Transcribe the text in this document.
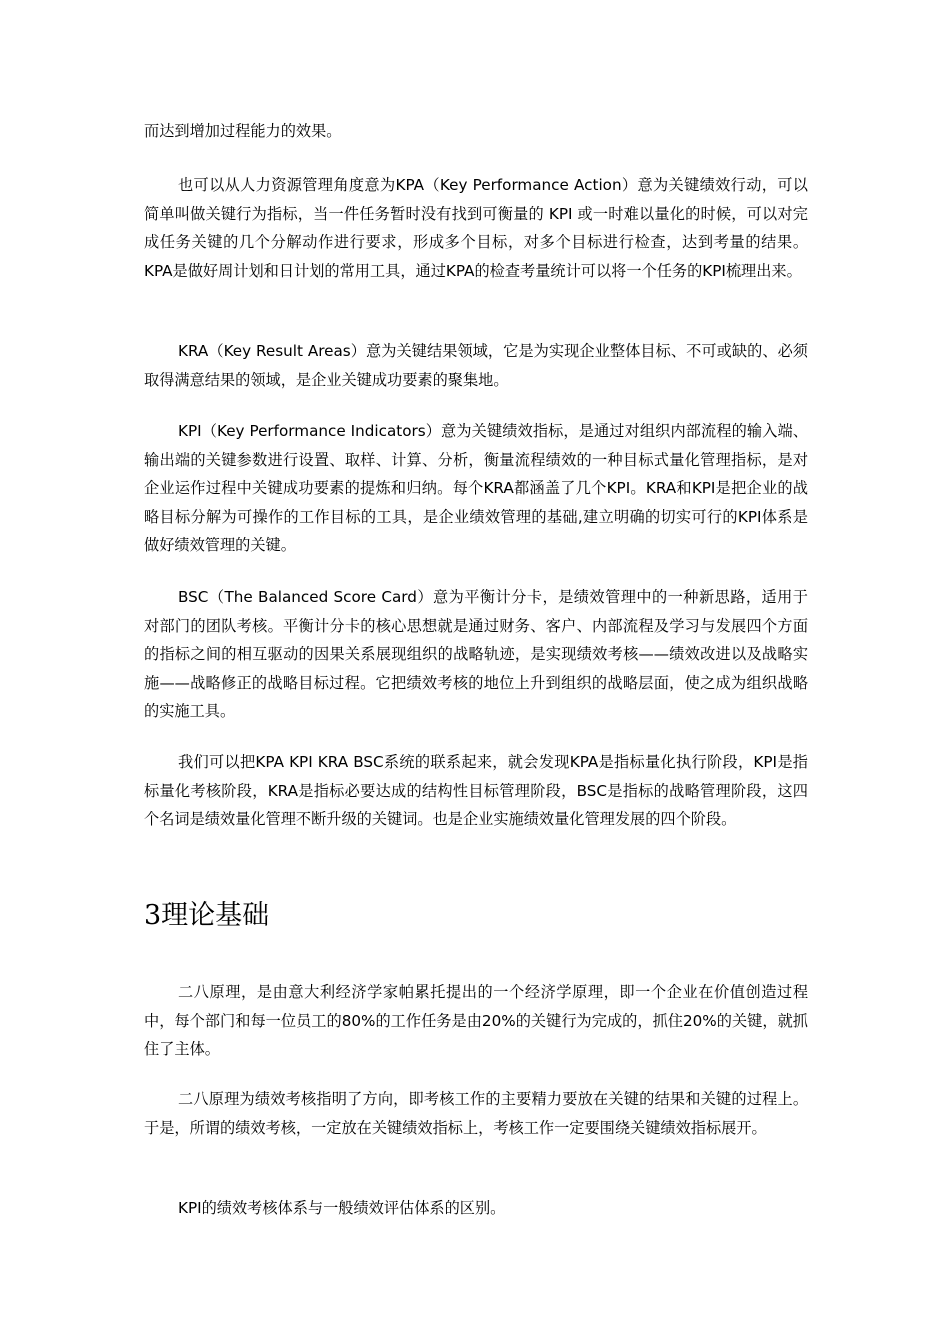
而达到增加过程能力的效果。

也可以从人力资源管理角度意为KPA（Key Performance Action）意为关键绩效行动，可以简单叫做关键行为指标，当一件任务暂时没有找到可衡量的 KPI 或一时难以量化的时候，可以对完成任务关键的几个分解动作进行要求，形成多个目标，对多个目标进行检查，达到考量的结果。KPA是做好周计划和日计划的常用工具，通过KPA的检查考量统计可以将一个任务的KPI梳理出来。

KRA（Key Result Areas）意为关键结果领域，它是为实现企业整体目标、不可或缺的、必须取得满意结果的领域，是企业关键成功要素的聚集地。

KPI（Key Performance Indicators）意为关键绩效指标，是通过对组织内部流程的输入端、输出端的关键参数进行设置、取样、计算、分析，衡量流程绩效的一种目标式量化管理指标，是对企业运作过程中关键成功要素的提炼和归纳。每个KRA都涵盖了几个KPI。KRA和KPI是把企业的战略目标分解为可操作的工作目标的工具，是企业绩效管理的基础,建立明确的切实可行的KPI体系是做好绩效管理的关键。

BSC（The Balanced Score Card）意为平衡计分卡，是绩效管理中的一种新思路，适用于对部门的团队考核。平衡计分卡的核心思想就是通过财务、客户、内部流程及学习与发展四个方面的指标之间的相互驱动的因果关系展现组织的战略轨迹，是实现绩效考核——绩效改进以及战略实施——战略修正的战略目标过程。它把绩效考核的地位上升到组织的战略层面，使之成为组织战略的实施工具。

我们可以把KPA KPI KRA BSC系统的联系起来，就会发现KPA是指标量化执行阶段，KPI是指标量化考核阶段，KRA是指标必要达成的结构性目标管理阶段，BSC是指标的战略管理阶段，这四个名词是绩效量化管理不断升级的关键词。也是企业实施绩效量化管理发展的四个阶段。

3理论基础

二八原理，是由意大利经济学家帕累托提出的一个经济学原理，即一个企业在价值创造过程中，每个部门和每一位员工的80%的工作任务是由20%的关键行为完成的，抓住20%的关键，就抓住了主体。

二八原理为绩效考核指明了方向，即考核工作的主要精力要放在关键的结果和关键的过程上。于是，所谓的绩效考核，一定放在关键绩效指标上，考核工作一定要围绕关键绩效指标展开。

KPI的绩效考核体系与一般绩效评估体系的区别。
